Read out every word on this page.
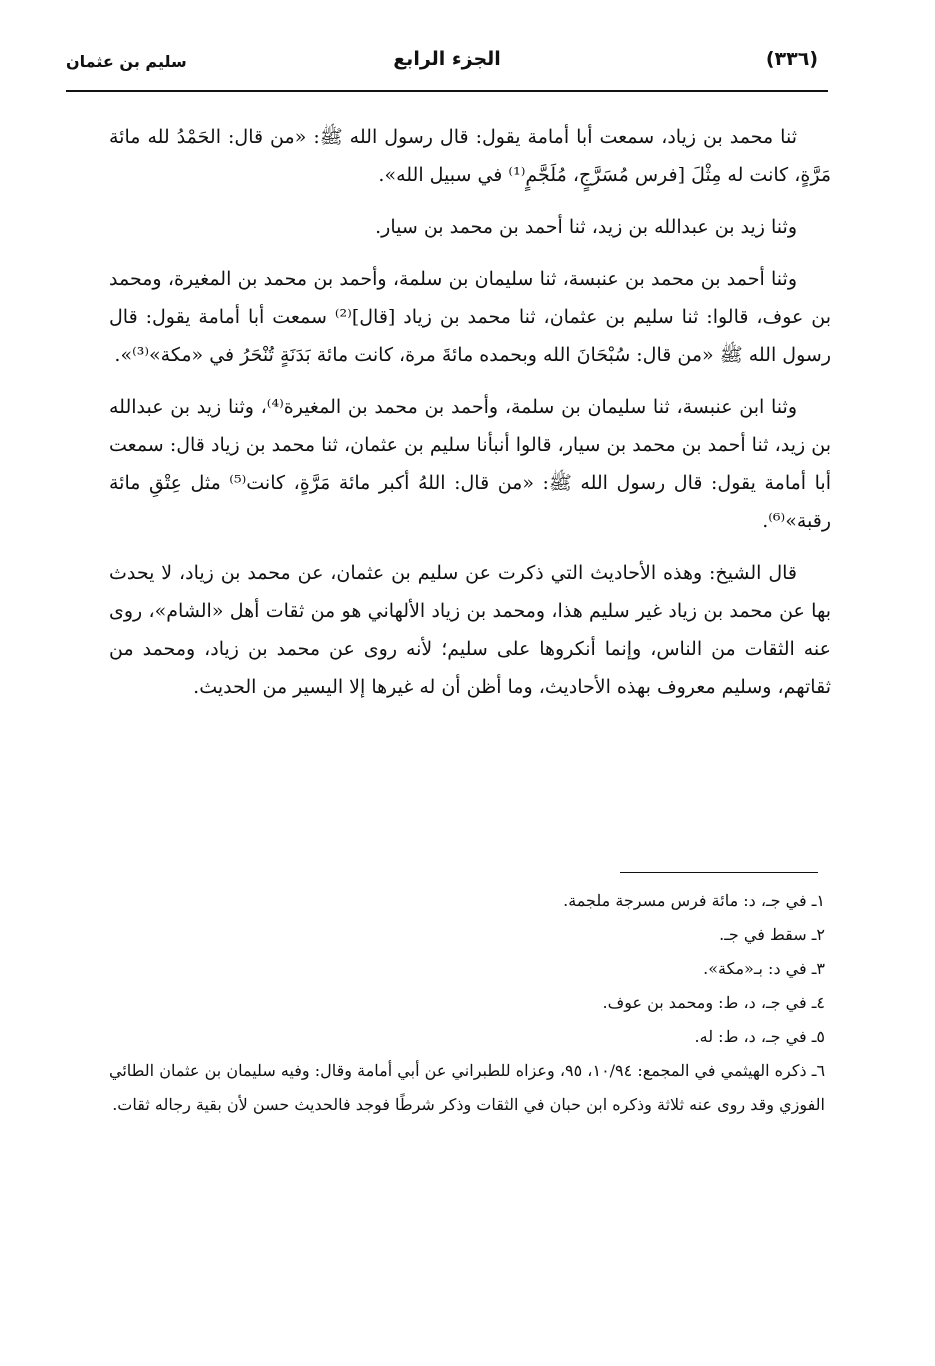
(٣٣٦)
الجزء الرابع
سليم بن عثمان

ثنا محمد بن زياد، سمعت أبا أمامة يقول: قال رسول الله ﷺ: «من قال: الحَمْدُ لله مائة مَرَّةٍ، كانت له مِثْلَ [فرس مُسَرَّجٍ، مُلَجَّمٍ⁽¹⁾ في سبيل الله».

وثنا زيد بن عبدالله بن زيد، ثنا أحمد بن محمد بن سيار.

وثنا أحمد بن محمد بن عنبسة، ثنا سليمان بن سلمة، وأحمد بن محمد بن المغيرة، ومحمد بن عوف، قالوا: ثنا سليم بن عثمان، ثنا محمد بن زياد [قال]⁽²⁾ سمعت أبا أمامة يقول: قال رسول الله ﷺ «من قال: سُبْحَانَ الله وبحمده مائةَ مرة، كانت مائة بَدَنَةٍ تُنْحَرُ في «مكة»⁽³⁾».

وثنا ابن عنبسة، ثنا سليمان بن سلمة، وأحمد بن محمد بن المغيرة⁽⁴⁾، وثنا زيد بن عبدالله بن زيد، ثنا أحمد بن محمد بن سيار، قالوا أنبأنا سليم بن عثمان، ثنا محمد بن زياد قال: سمعت أبا أمامة يقول: قال رسول الله ﷺ: «من قال: اللهُ أكبر مائة مَرَّةٍ، كانت⁽⁵⁾ مثل عِتْقِ مائة رقبة»⁽⁶⁾.

قال الشيخ: وهذه الأحاديث التي ذكرت عن سليم بن عثمان، عن محمد بن زياد، لا يحدث بها عن محمد بن زياد غير سليم هذا، ومحمد بن زياد الألهاني هو من ثقات أهل «الشام»، روى عنه الثقات من الناس، وإنما أنكروها على سليم؛ لأنه روى عن محمد بن زياد، ومحمد من ثقاتهم، وسليم معروف بهذه الأحاديث، وما أظن أن له غيرها إلا اليسير من الحديث.

١ـ في جـ، د: مائة فرس مسرجة ملجمة.

٢ـ سقط في جـ.

٣ـ في د: بـ«مكة».

٤ـ في جـ، د، ط: ومحمد بن عوف.

٥ـ في جـ، د، ط: له.

٦ـ ذكره الهيثمي في المجمع: ١٠/٩٤، ٩٥، وعزاه للطبراني عن أبي أمامة وقال: وفيه سليمان بن عثمان الطائي الفوزي وقد روى عنه ثلاثة وذكره ابن حبان في الثقات وذكر شرطًا فوجد فالحديث حسن لأن بقية رجاله ثقات.
